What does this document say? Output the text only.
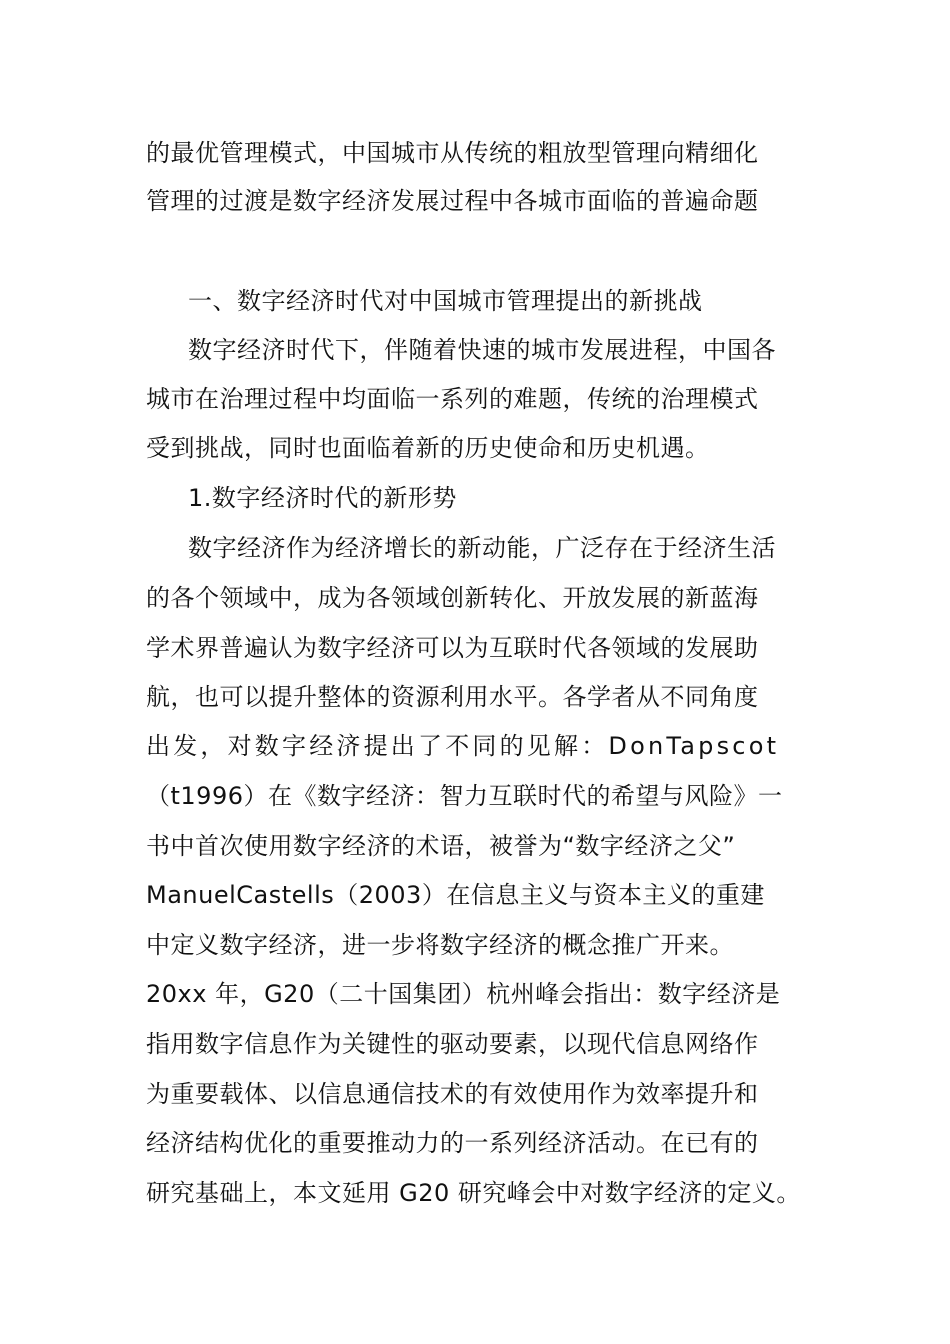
的最优管理模式，中国城市从传统的粗放型管理向精细化
管理的过渡是数字经济发展过程中各城市面临的普遍命题
一、数字经济时代对中国城市管理提出的新挑战
数字经济时代下，伴随着快速的城市发展进程，中国各
城市在治理过程中均面临一系列的难题，传统的治理模式
受到挑战，同时也面临着新的历史使命和历史机遇。
1.数字经济时代的新形势
数字经济作为经济增长的新动能，广泛存在于经济生活
的各个领域中，成为各领域创新转化、开放发展的新蓝海
学术界普遍认为数字经济可以为互联时代各领域的发展助
航，也可以提升整体的资源利用水平。各学者从不同角度
出发，对数字经济提出了不同的见解：DonTapscot
（t1996）在《数字经济：智力互联时代的希望与风险》一
书中首次使用数字经济的术语，被誉为“数字经济之父”
ManuelCastells（2003）在信息主义与资本主义的重建
中定义数字经济，进一步将数字经济的概念推广开来。
20xx 年，G20（二十国集团）杭州峰会指出：数字经济是
指用数字信息作为关键性的驱动要素，以现代信息网络作
为重要载体、以信息通信技术的有效使用作为效率提升和
经济结构优化的重要推动力的一系列经济活动。在已有的
研究基础上，本文延用 G20 研究峰会中对数字经济的定义。
